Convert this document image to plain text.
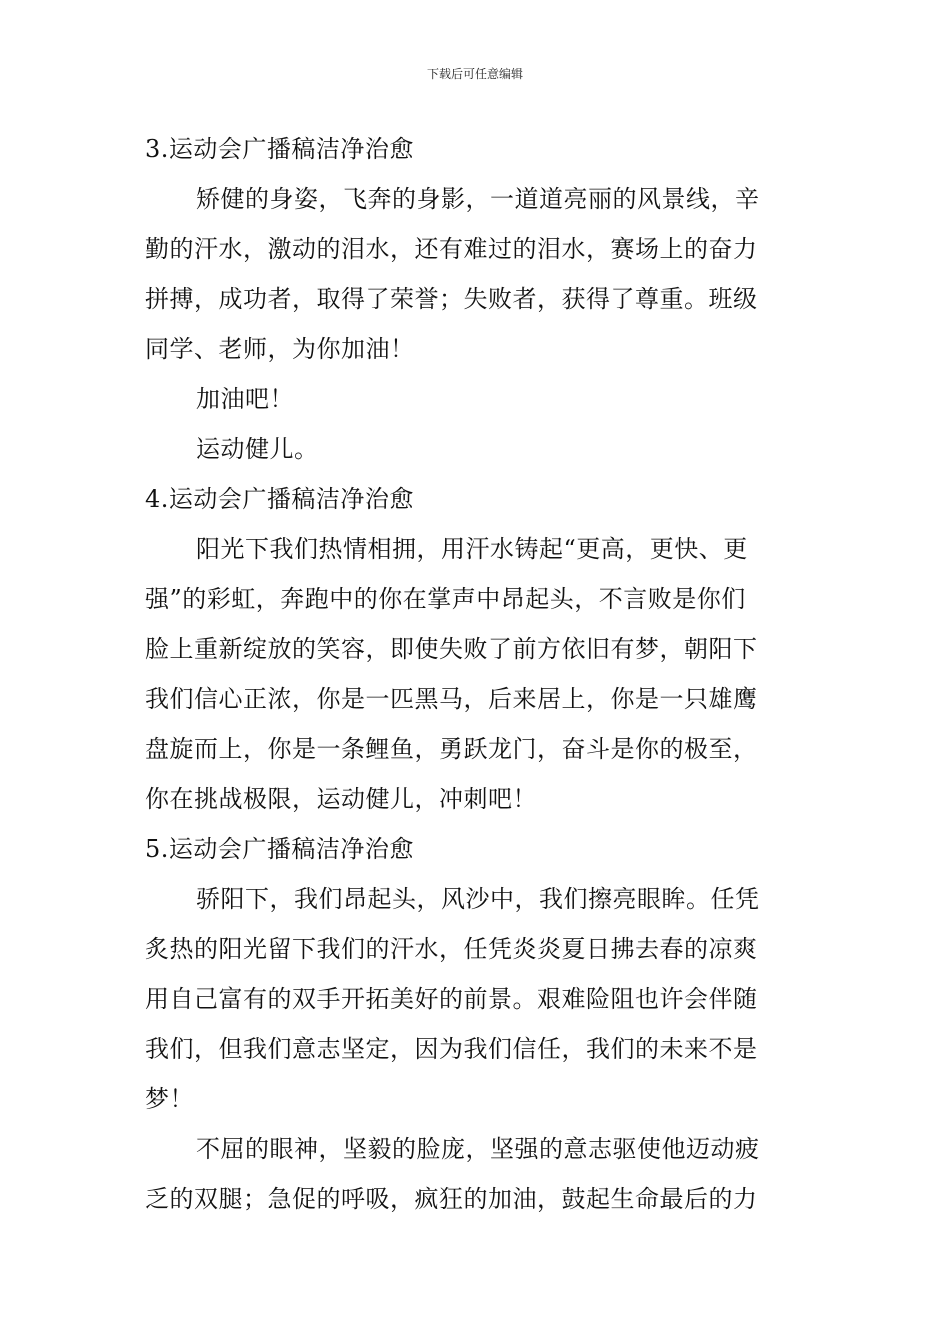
下载后可任意编辑
3.运动会广播稿洁净治愈
矫健的身姿，飞奔的身影，一道道亮丽的风景线，辛
勤的汗水，激动的泪水，还有难过的泪水，赛场上的奋力
拼搏，成功者，取得了荣誉；失败者，获得了尊重。班级
同学、老师，为你加油！
加油吧！
运动健儿。
4.运动会广播稿洁净治愈
阳光下我们热情相拥，用汗水铸起“更高，更快、更
强”的彩虹，奔跑中的你在掌声中昂起头，不言败是你们
脸上重新绽放的笑容，即使失败了前方依旧有梦，朝阳下
我们信心正浓，你是一匹黑马，后来居上，你是一只雄鹰
盘旋而上，你是一条鲤鱼，勇跃龙门，奋斗是你的极至，
你在挑战极限，运动健儿，冲刺吧！
5.运动会广播稿洁净治愈
骄阳下，我们昂起头，风沙中，我们擦亮眼眸。任凭
炙热的阳光留下我们的汗水，任凭炎炎夏日拂去春的凉爽
用自己富有的双手开拓美好的前景。艰难险阻也许会伴随
我们，但我们意志坚定，因为我们信任，我们的未来不是
梦！
不屈的眼神，坚毅的脸庞，坚强的意志驱使他迈动疲
乏的双腿；急促的呼吸，疯狂的加油，鼓起生命最后的力
